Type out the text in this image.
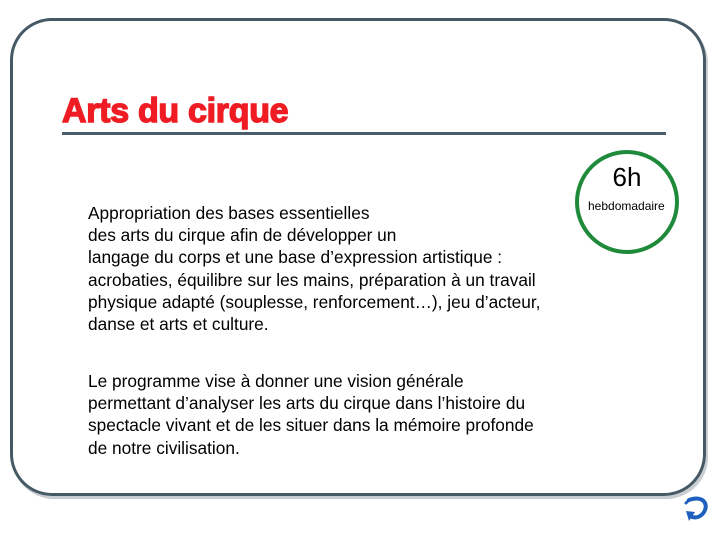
Arts du cirque
6h
hebdomadaire
Appropriation des bases essentielles
des arts du cirque afin de développer un
langage du corps et une base d’expression artistique :
acrobaties, équilibre sur les mains, préparation à un travail
physique adapté (souplesse, renforcement…), jeu d’acteur,
danse et arts et culture.
Le programme vise à donner une vision générale
permettant d’analyser les arts du cirque dans l’histoire du
spectacle vivant et de les situer dans la mémoire profonde
de notre civilisation.
